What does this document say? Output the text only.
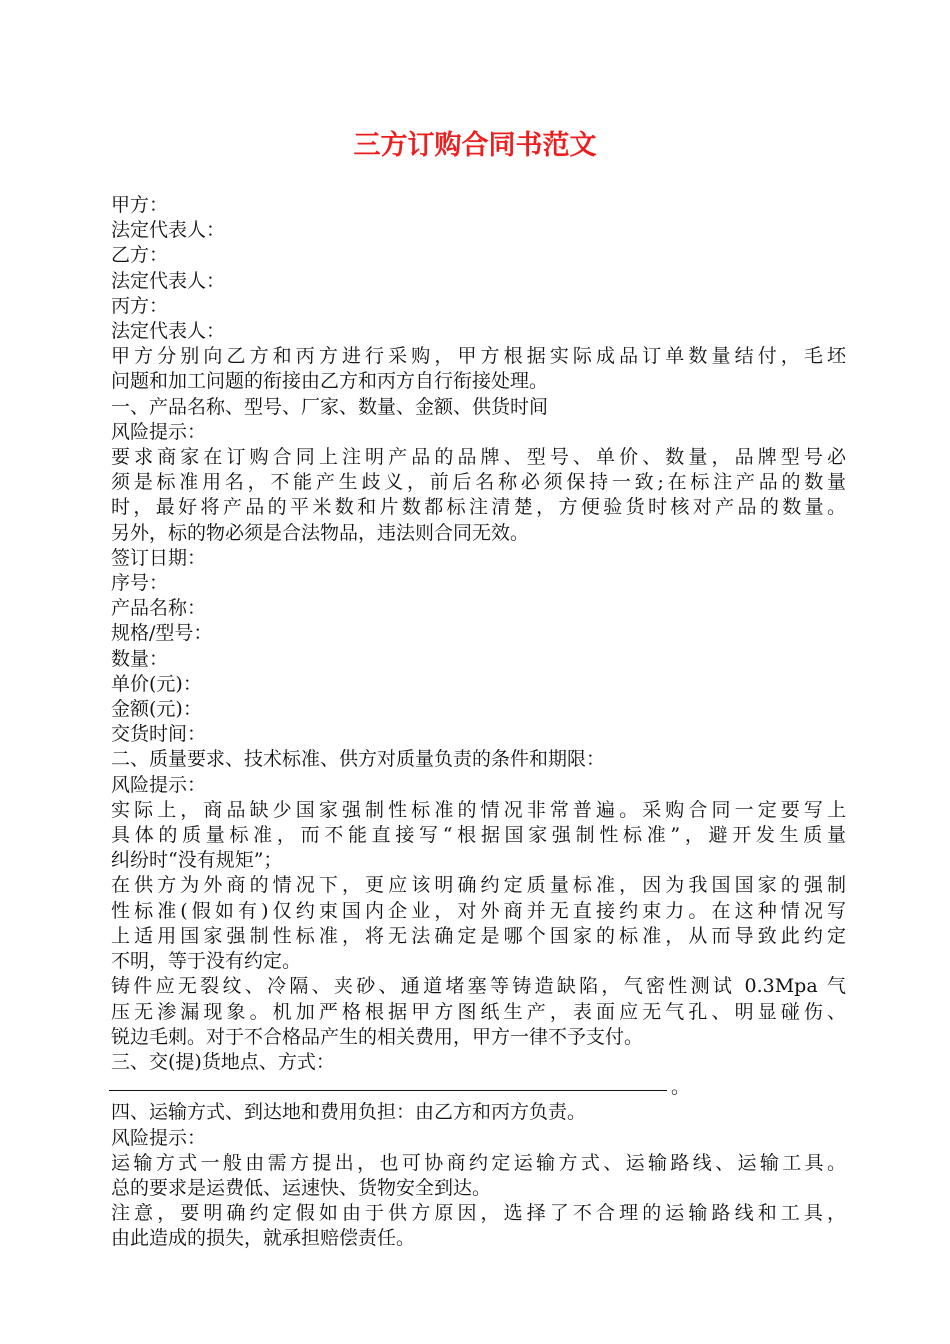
三方订购合同书范文
甲方：
法定代表人：
乙方：
法定代表人：
丙方：
法定代表人：
甲方分别向乙方和丙方进行采购，甲方根据实际成品订单数量结付，毛坯
问题和加工问题的衔接由乙方和丙方自行衔接处理。
一、产品名称、型号、厂家、数量、金额、供货时间
风险提示：
要求商家在订购合同上注明产品的品牌、型号、单价、数量，品牌型号必
须是标准用名，不能产生歧义，前后名称必须保持一致;在标注产品的数量
时，最好将产品的平米数和片数都标注清楚，方便验货时核对产品的数量。
另外，标的物必须是合法物品，违法则合同无效。
签订日期：
序号：
产品名称：
规格/型号：
数量：
单价(元)：
金额(元)：
交货时间：
二、质量要求、技术标准、供方对质量负责的条件和期限：
风险提示：
实际上，商品缺少国家强制性标准的情况非常普遍。采购合同一定要写上
具体的质量标准，而不能直接写“根据国家强制性标准”，避开发生质量
纠纷时“没有规矩”；
在供方为外商的情况下，更应该明确约定质量标准，因为我国国家的强制
性标准(假如有)仅约束国内企业，对外商并无直接约束力。在这种情况写
上适用国家强制性标准，将无法确定是哪个国家的标准，从而导致此约定
不明，等于没有约定。
铸件应无裂纹、冷隔、夹砂、通道堵塞等铸造缺陷，气密性测试 0.3Mpa 气
压无渗漏现象。机加严格根据甲方图纸生产，表面应无气孔、明显碰伤、
锐边毛刺。对于不合格品产生的相关费用，甲方一律不予支付。
三、交(提)货地点、方式：
。
四、运输方式、到达地和费用负担：由乙方和丙方负责。
风险提示：
运输方式一般由需方提出，也可协商约定运输方式、运输路线、运输工具。
总的要求是运费低、运速快、货物安全到达。
注意，要明确约定假如由于供方原因，选择了不合理的运输路线和工具，
由此造成的损失，就承担赔偿责任。
